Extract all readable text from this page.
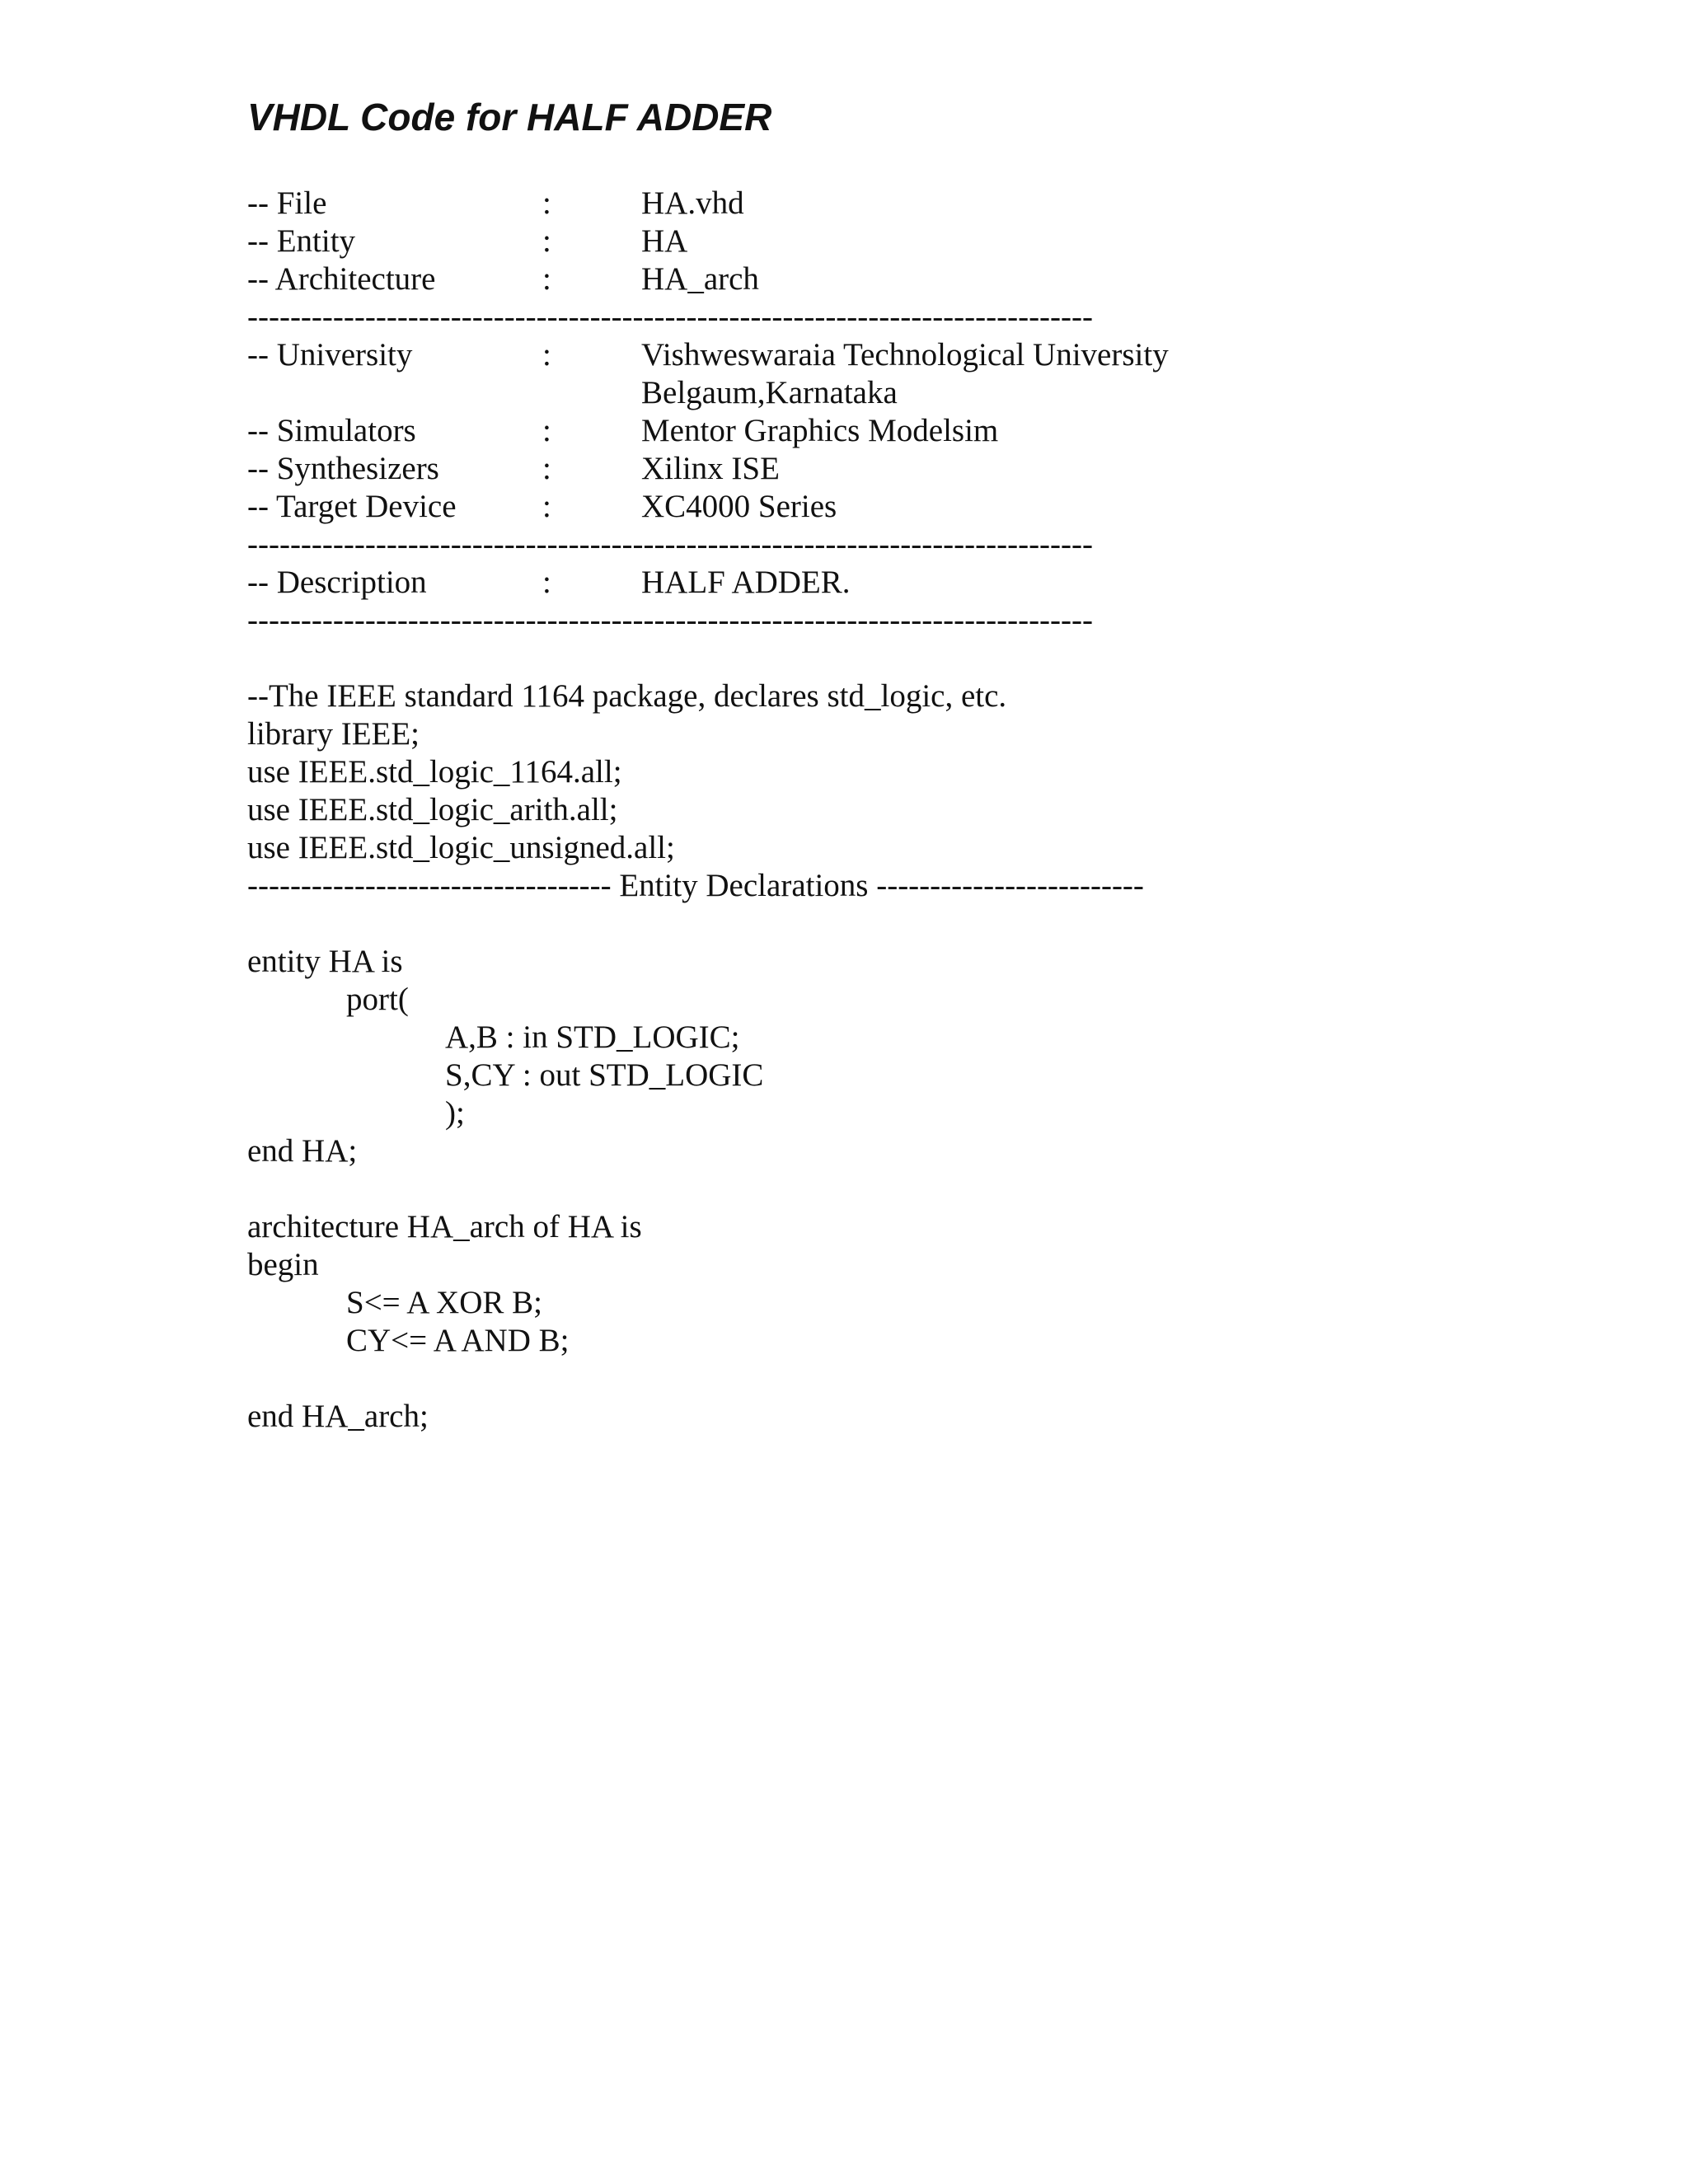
VHDL Code for HALF ADDER
-- File	:	HA.vhd
-- Entity	:	HA
-- Architecture	:	HA_arch
-------------------------------------------------------------------------------
-- University	:	Vishweswaraia Technological University
Belgaum,Karnataka
-- Simulators	:	Mentor Graphics Modelsim
-- Synthesizers	:	Xilinx ISE
-- Target Device	:	XC4000 Series
-------------------------------------------------------------------------------
-- Description	:	HALF ADDER.
-------------------------------------------------------------------------------
--The IEEE standard 1164 package, declares std_logic, etc.
library IEEE;
use IEEE.std_logic_1164.all;
use IEEE.std_logic_arith.all;
use IEEE.std_logic_unsigned.all;
---------------------------------- Entity Declarations -------------------------
entity HA is
port(
A,B : in STD_LOGIC;
S,CY : out STD_LOGIC
);
end HA;
architecture HA_arch of HA is
begin
S<= A XOR B;
CY<= A AND B;
end HA_arch;
